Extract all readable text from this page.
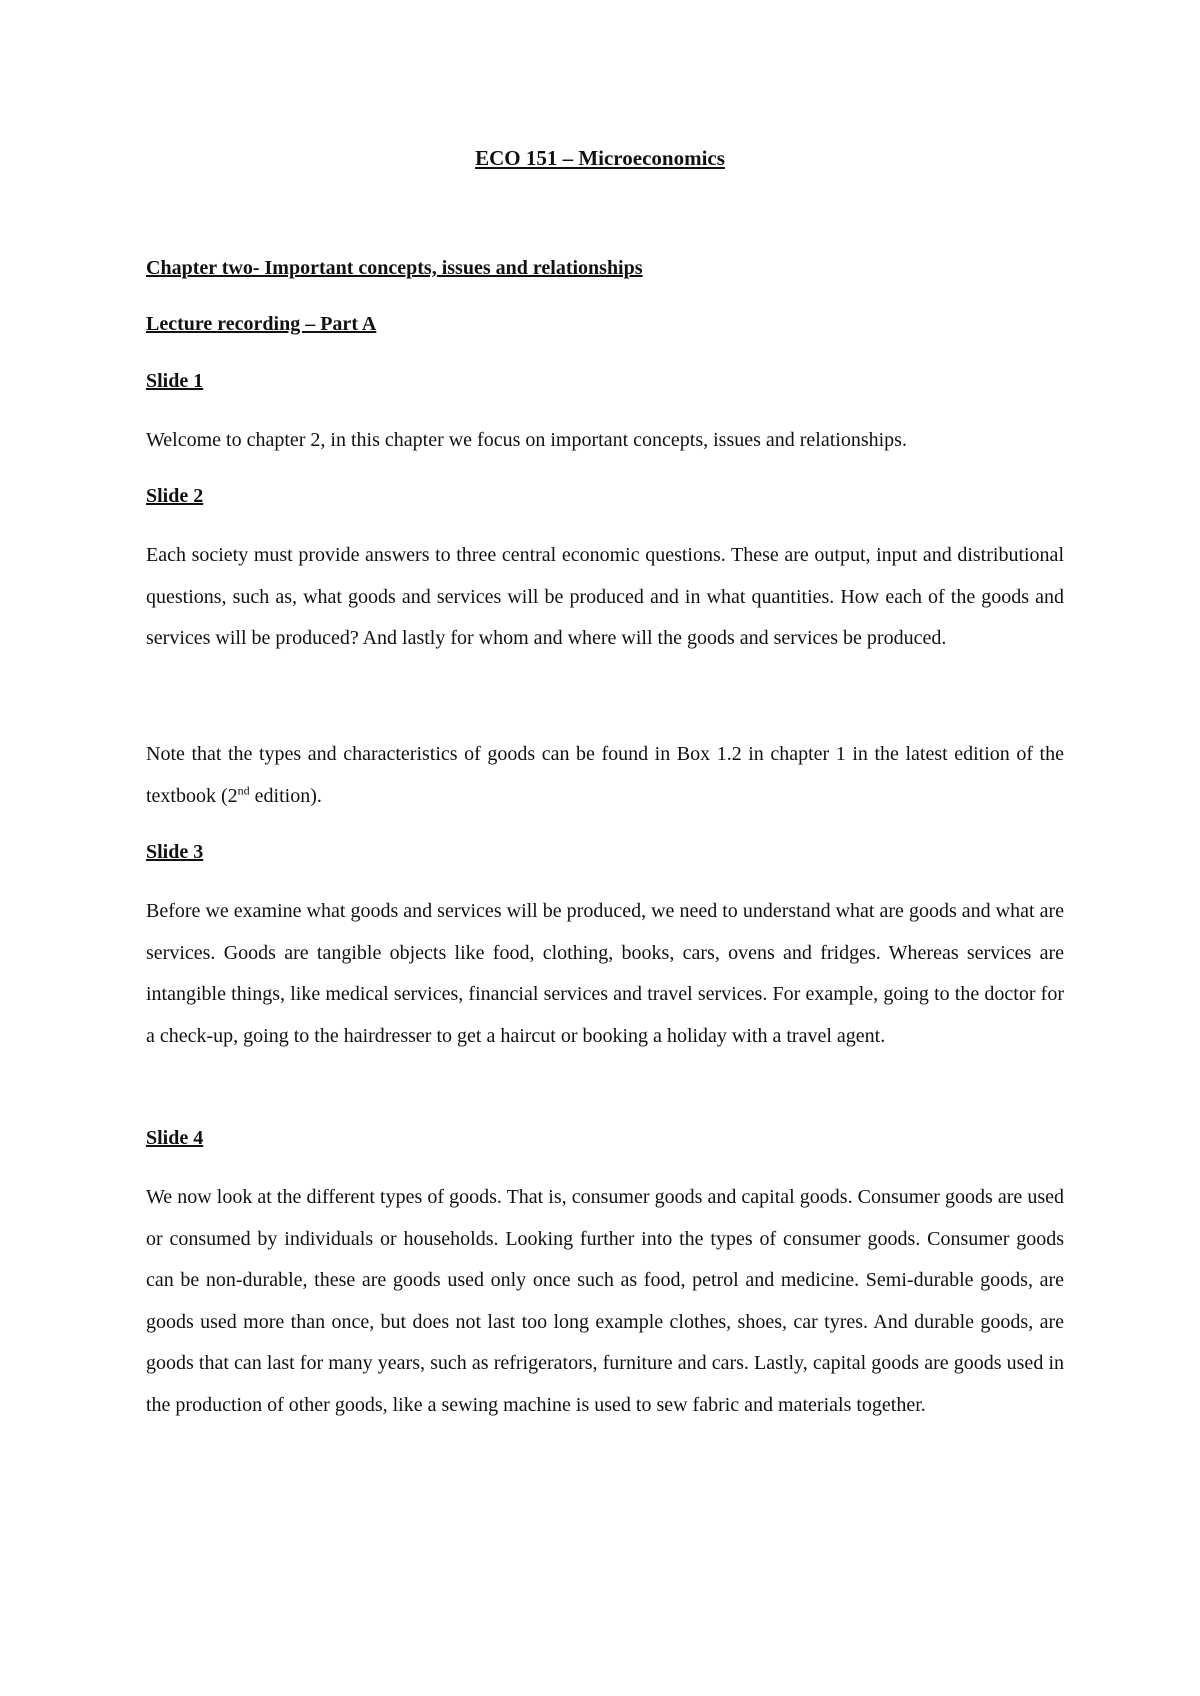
ECO 151 – Microeconomics
Chapter two- Important concepts, issues and relationships
Lecture recording – Part A
Slide 1

Welcome to chapter 2, in this chapter we focus on important concepts, issues and relationships.

Slide 2

Each society must provide answers to three central economic questions. These are output, input and distributional questions, such as, what goods and services will be produced and in what quantities. How each of the goods and services will be produced? And lastly for whom and where will the goods and services be produced.

Note that the types and characteristics of goods can be found in Box 1.2 in chapter 1 in the latest edition of the textbook (2nd edition).

Slide 3

Before we examine what goods and services will be produced, we need to understand what are goods and what are services. Goods are tangible objects like food, clothing, books, cars, ovens and fridges. Whereas services are intangible things, like medical services, financial services and travel services. For example, going to the doctor for a check-up, going to the hairdresser to get a haircut or booking a holiday with a travel agent.

Slide 4

We now look at the different types of goods. That is, consumer goods and capital goods. Consumer goods are used or consumed by individuals or households. Looking further into the types of consumer goods. Consumer goods can be non-durable, these are goods used only once such as food, petrol and medicine. Semi-durable goods, are goods used more than once, but does not last too long example clothes, shoes, car tyres. And durable goods, are goods that can last for many years, such as refrigerators, furniture and cars. Lastly, capital goods are goods used in the production of other goods, like a sewing machine is used to sew fabric and materials together.
